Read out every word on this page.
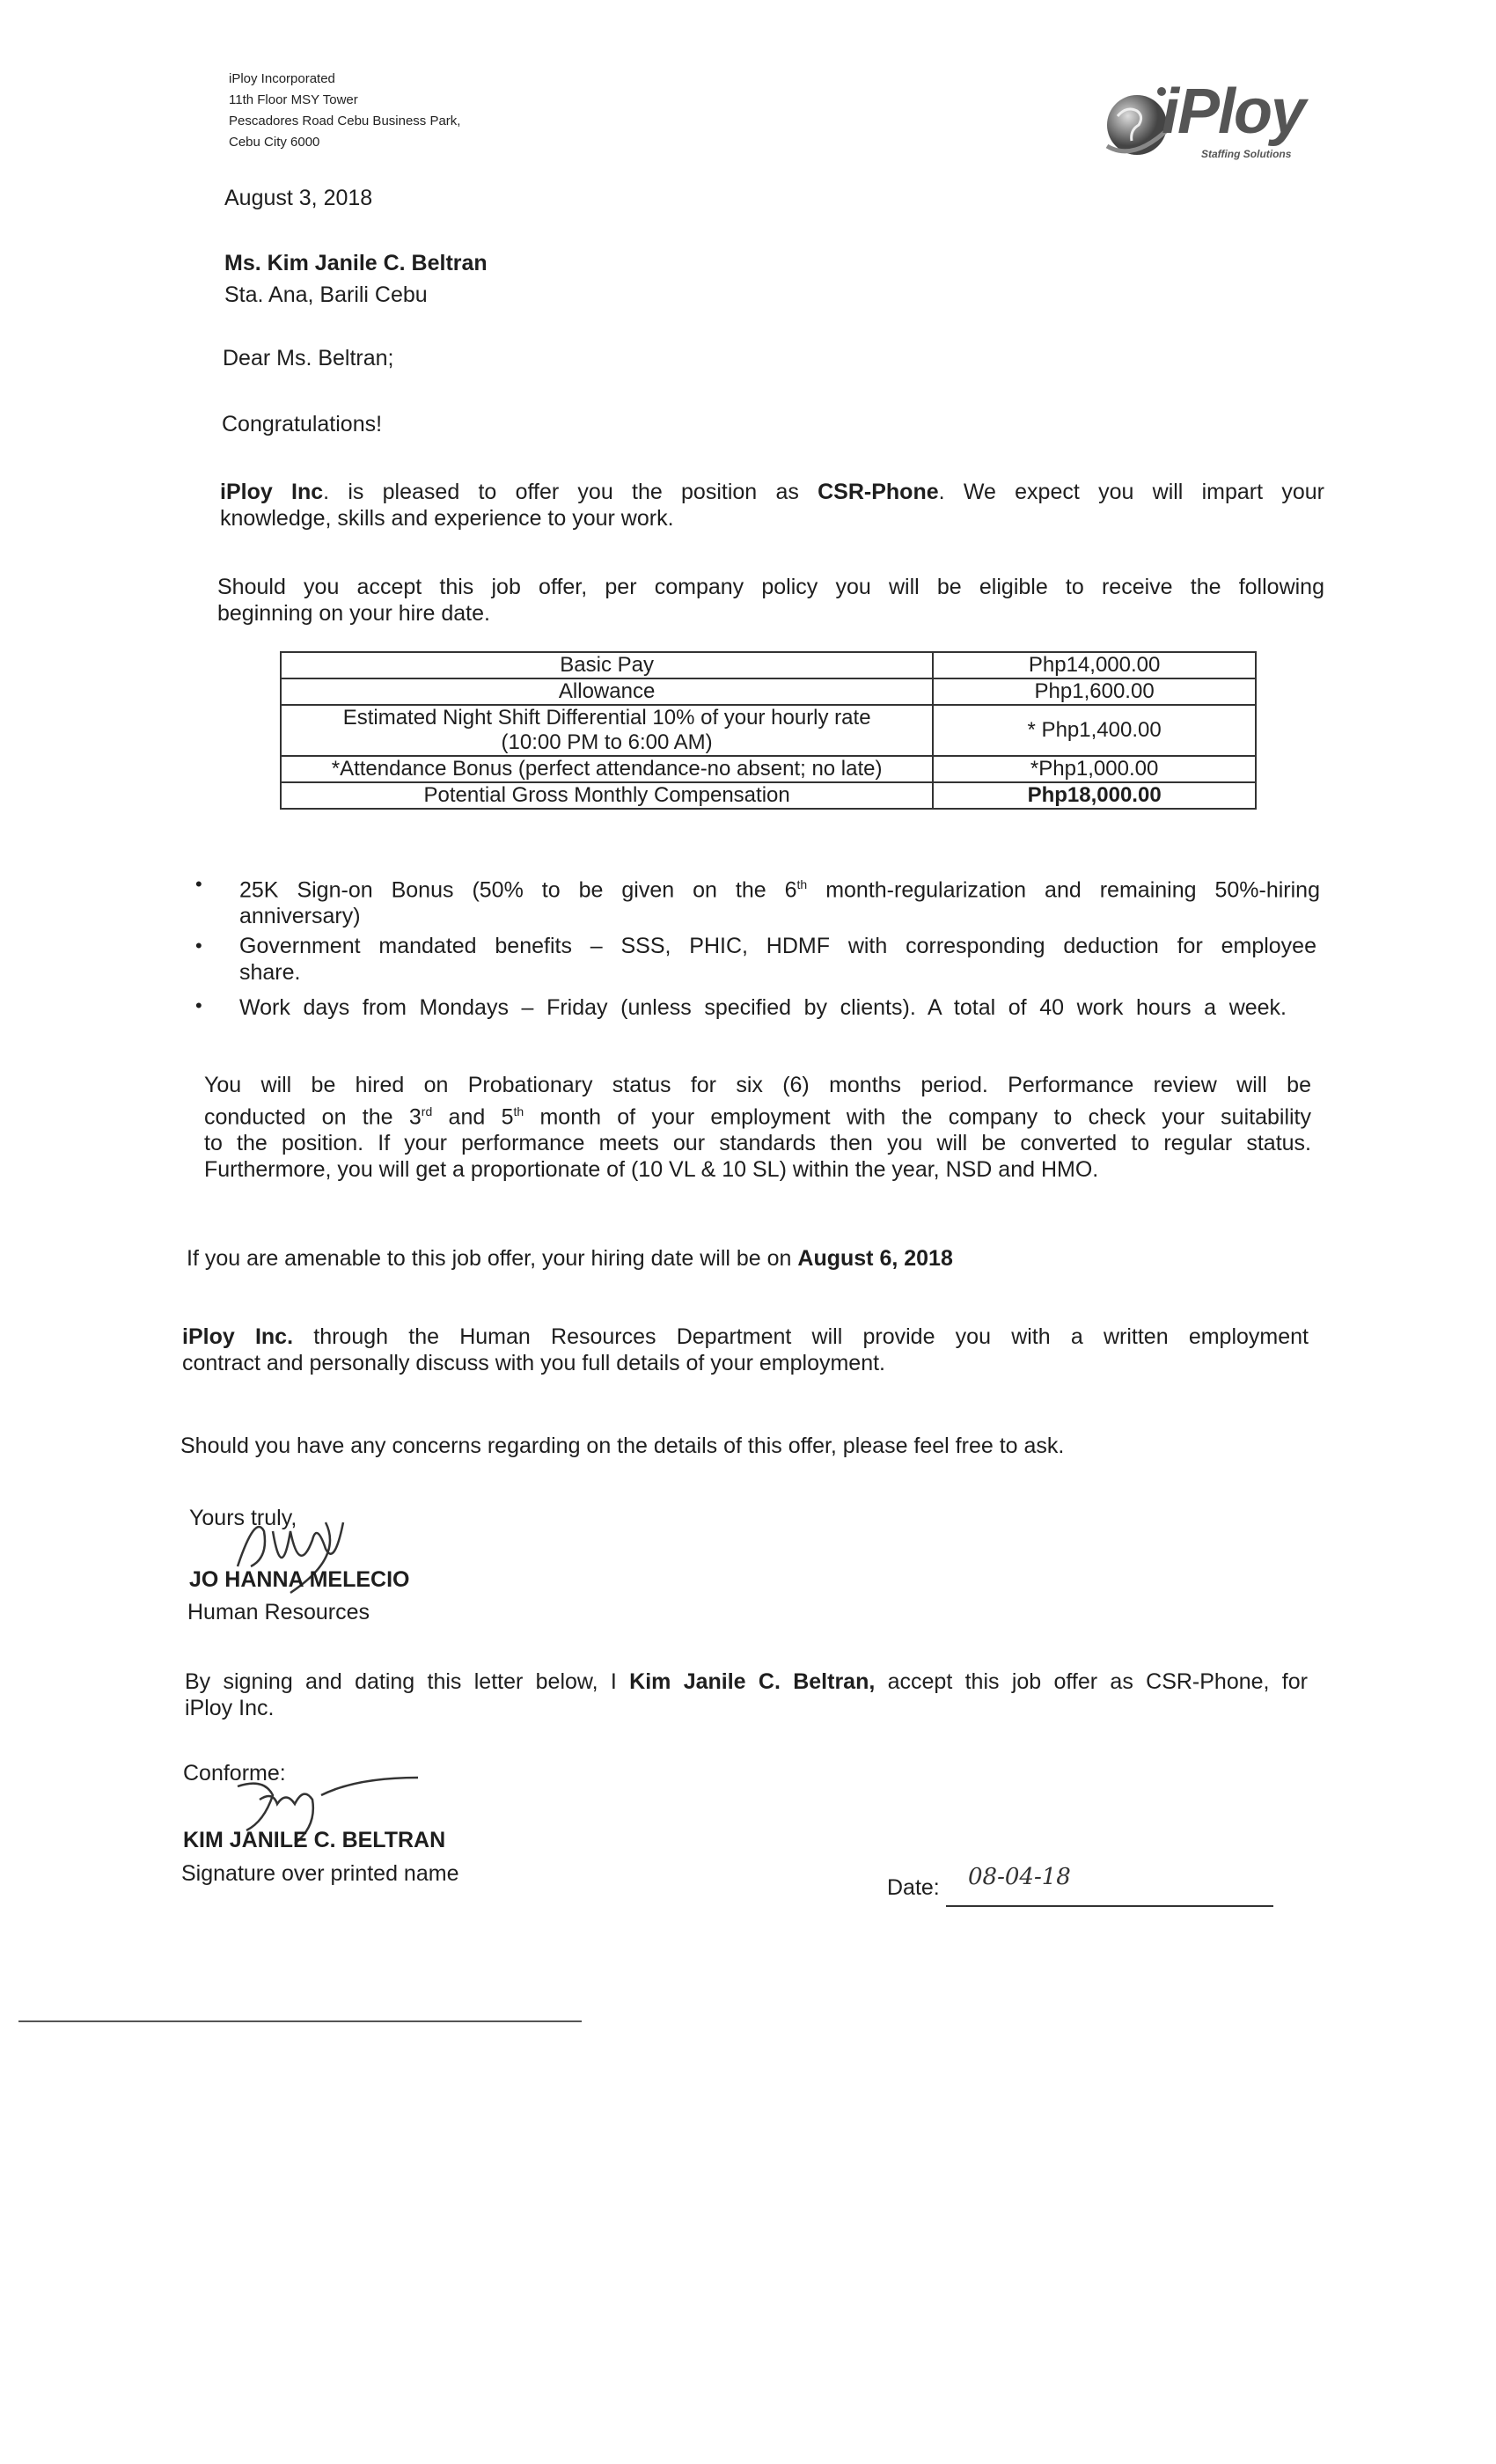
iPloy Incorporated
11th Floor MSY Tower
Pescadores Road Cebu Business Park,
Cebu City 6000	iPloy
Staffing Solutions
August 3, 2018
Ms. Kim Janile C. Beltran
Sta. Ana, Barili Cebu
Dear Ms. Beltran;
Congratulations!
iPloy Inc. is pleased to offer you the position as CSR-Phone. We expect you will impart your
knowledge, skills and experience to your work.
Should you accept this job offer, per company policy you will be eligible to receive the following
beginning on your hire date.
Basic Pay	Php14,000.00
Allowance	Php1,600.00

Estimated Night Shift Differential 10% of your hourly rate
(10:00 PM to 6:00 AM)	* Php1,400.00
*Attendance Bonus (perfect attendance-no absent; no late)	*Php1,000.00
Potential Gross Monthly Compensation	Php18,000.00
• 25K Sign-on Bonus (50% to be given on the 6th month-regularization and remaining 50%-hiring
anniversary)
• Government mandated benefits – SSS, PHIC, HDMF with corresponding deduction for employee
share.
• Work days from Mondays – Friday (unless specified by clients). A total of 40 work hours a week.
You will be hired on Probationary status for six (6) months period. Performance review will be
conducted on the 3rd and 5th month of your employment with the company to check your suitability
to the position. If your performance meets our standards then you will be converted to regular status.
Furthermore, you will get a proportionate of (10 VL & 10 SL) within the year, NSD and HMO.
If you are amenable to this job offer, your hiring date will be on August 6, 2018
iPloy Inc. through the Human Resources Department will provide you with a written employment
contract and personally discuss with you full details of your employment.
Should you have any concerns regarding on the details of this offer, please feel free to ask.
Yours truly,
JO HANNA MELECIO
Human Resources
By signing and dating this letter below, I Kim Janile C. Beltran, accept this job offer as CSR-Phone, for
iPloy Inc.
Conforme:
KIM JANILE C. BELTRAN
Signature over printed name
Date: 08-04-18
